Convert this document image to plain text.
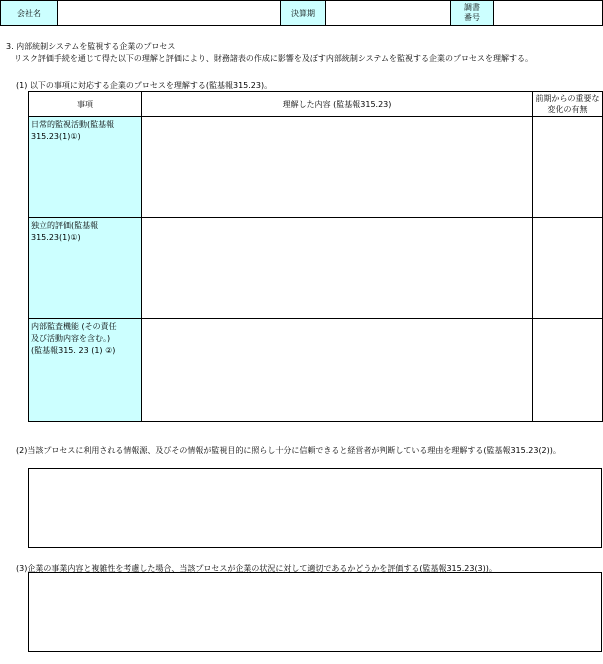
会社名		決算期		
調書
番号

3. 内部統制システムを監視する企業のプロセス
リスク評価手続を通じて得た以下の理解と評価により、財務諸表の作成に影響を及ぼす内部統制システムを監視する企業のプロセスを理解する。
(1) 以下の事項に対応する企業のプロセスを理解する(監基報315.23)。
事項	理解した内容 (監基報315.23)	前期からの重要な
変化の有無

日常的監視活動(監基報
315.23(1)①)		

独立的評価(監基報
315.23(1)①)		

内部監査機能 (その責任
及び活動内容を含む。)
(監基報315. 23 (1) ②)		

(2)当該プロセスに利用される情報源、及びその情報が監視目的に照らし十分に信頼できると経営者が判断している理由を理解する(監基報315.23(2))。
(3)企業の事業内容と複雑性を考慮した場合、当該プロセスが企業の状況に対して適切であるかどうかを評価する(監基報315.23(3))。
